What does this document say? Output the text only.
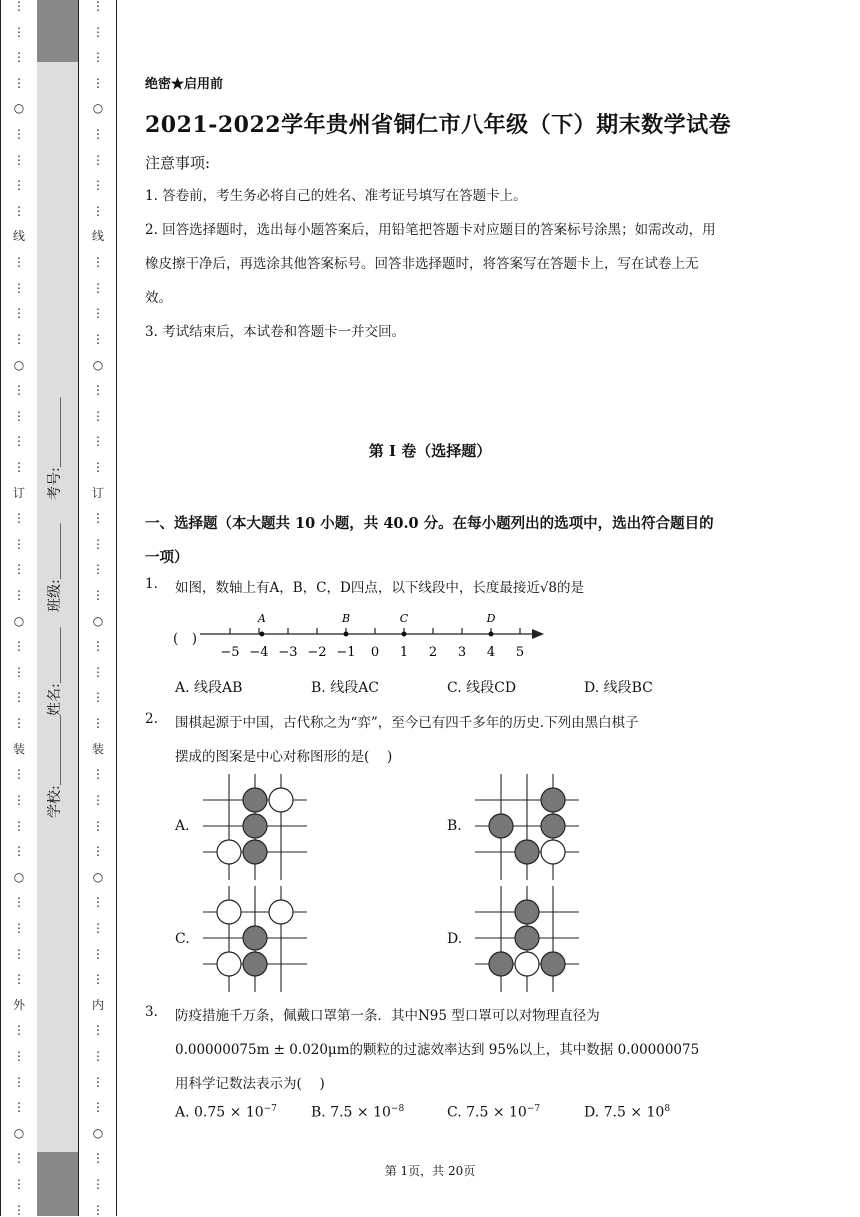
⋮
⋮
⋮
⋮
○
⋮
⋮
⋮
⋮
线
⋮
⋮
⋮
⋮
○
⋮
⋮
⋮
⋮
订
⋮
⋮
⋮
⋮
○
⋮
⋮
⋮
⋮
装
⋮
⋮
⋮
⋮
○
⋮
⋮
⋮
⋮
外
⋮
⋮
⋮
⋮
○
⋮
⋮
⋮
⋮
⋮
⋮
⋮
○
⋮
⋮
⋮
⋮
线
⋮
⋮
⋮
⋮
○
⋮
⋮
⋮
⋮
订
⋮
⋮
⋮
⋮
○
⋮
⋮
⋮
⋮
装
⋮
⋮
⋮
⋮
○
⋮
⋮
⋮
⋮
内
⋮
⋮
⋮
⋮
○
⋮
⋮
⋮
学校:＿＿＿＿＿
姓名:＿＿＿＿
班级:＿＿＿＿
考号:＿＿＿＿＿
绝密★启用前
2021-2022学年贵州省铜仁市八年级（下）期末数学试卷
注意事项:
1. 答卷前，考生务必将自己的姓名、准考证号填写在答题卡上。
2. 回答选择题时，选出每小题答案后，用铅笔把答题卡对应题目的答案标号涂黑；如需改动，用橡皮擦干净后，再选涂其他答案标号。回答非选择题时，将答案写在答题卡上，写在试卷上无效。
3. 考试结束后，本试卷和答题卡一并交回。
第 I 卷（选择题）
一、选择题（本大题共 10 小题，共 40.0 分。在每小题列出的选项中，选出符合题目的一项）
1. 如图，数轴上有A，B，C，D四点，以下线段中，长度最接近√8的是
(　)
−5 −4 −3 −2 −1 0 1 2 3 4 5
A	B	C	D
A. 线段AB	B. 线段AC	C. 线段CD	D. 线段BC
2. 围棋起源于中国，古代称之为“弈”，至今已有四千多年的历史.下列由黑白棋子
摆成的图案是中心对称图形的是(　 )
A.	B.
C.	D.
3. 防疫措施千万条，佩戴口罩第一条．其中N95 型口罩可以对物理直径为
0.00000075m ± 0.020μm的颗粒的过滤效率达到 95%以上，其中数据 0.00000075
用科学记数法表示为(　 )
A. $0.75 \times 10^{-7}$ B. $7.5 \times 10^{-8}$	C. $7.5 \times 10^{-7}$	D. $7.5 \times 10^8$
第 1页，共 20页
